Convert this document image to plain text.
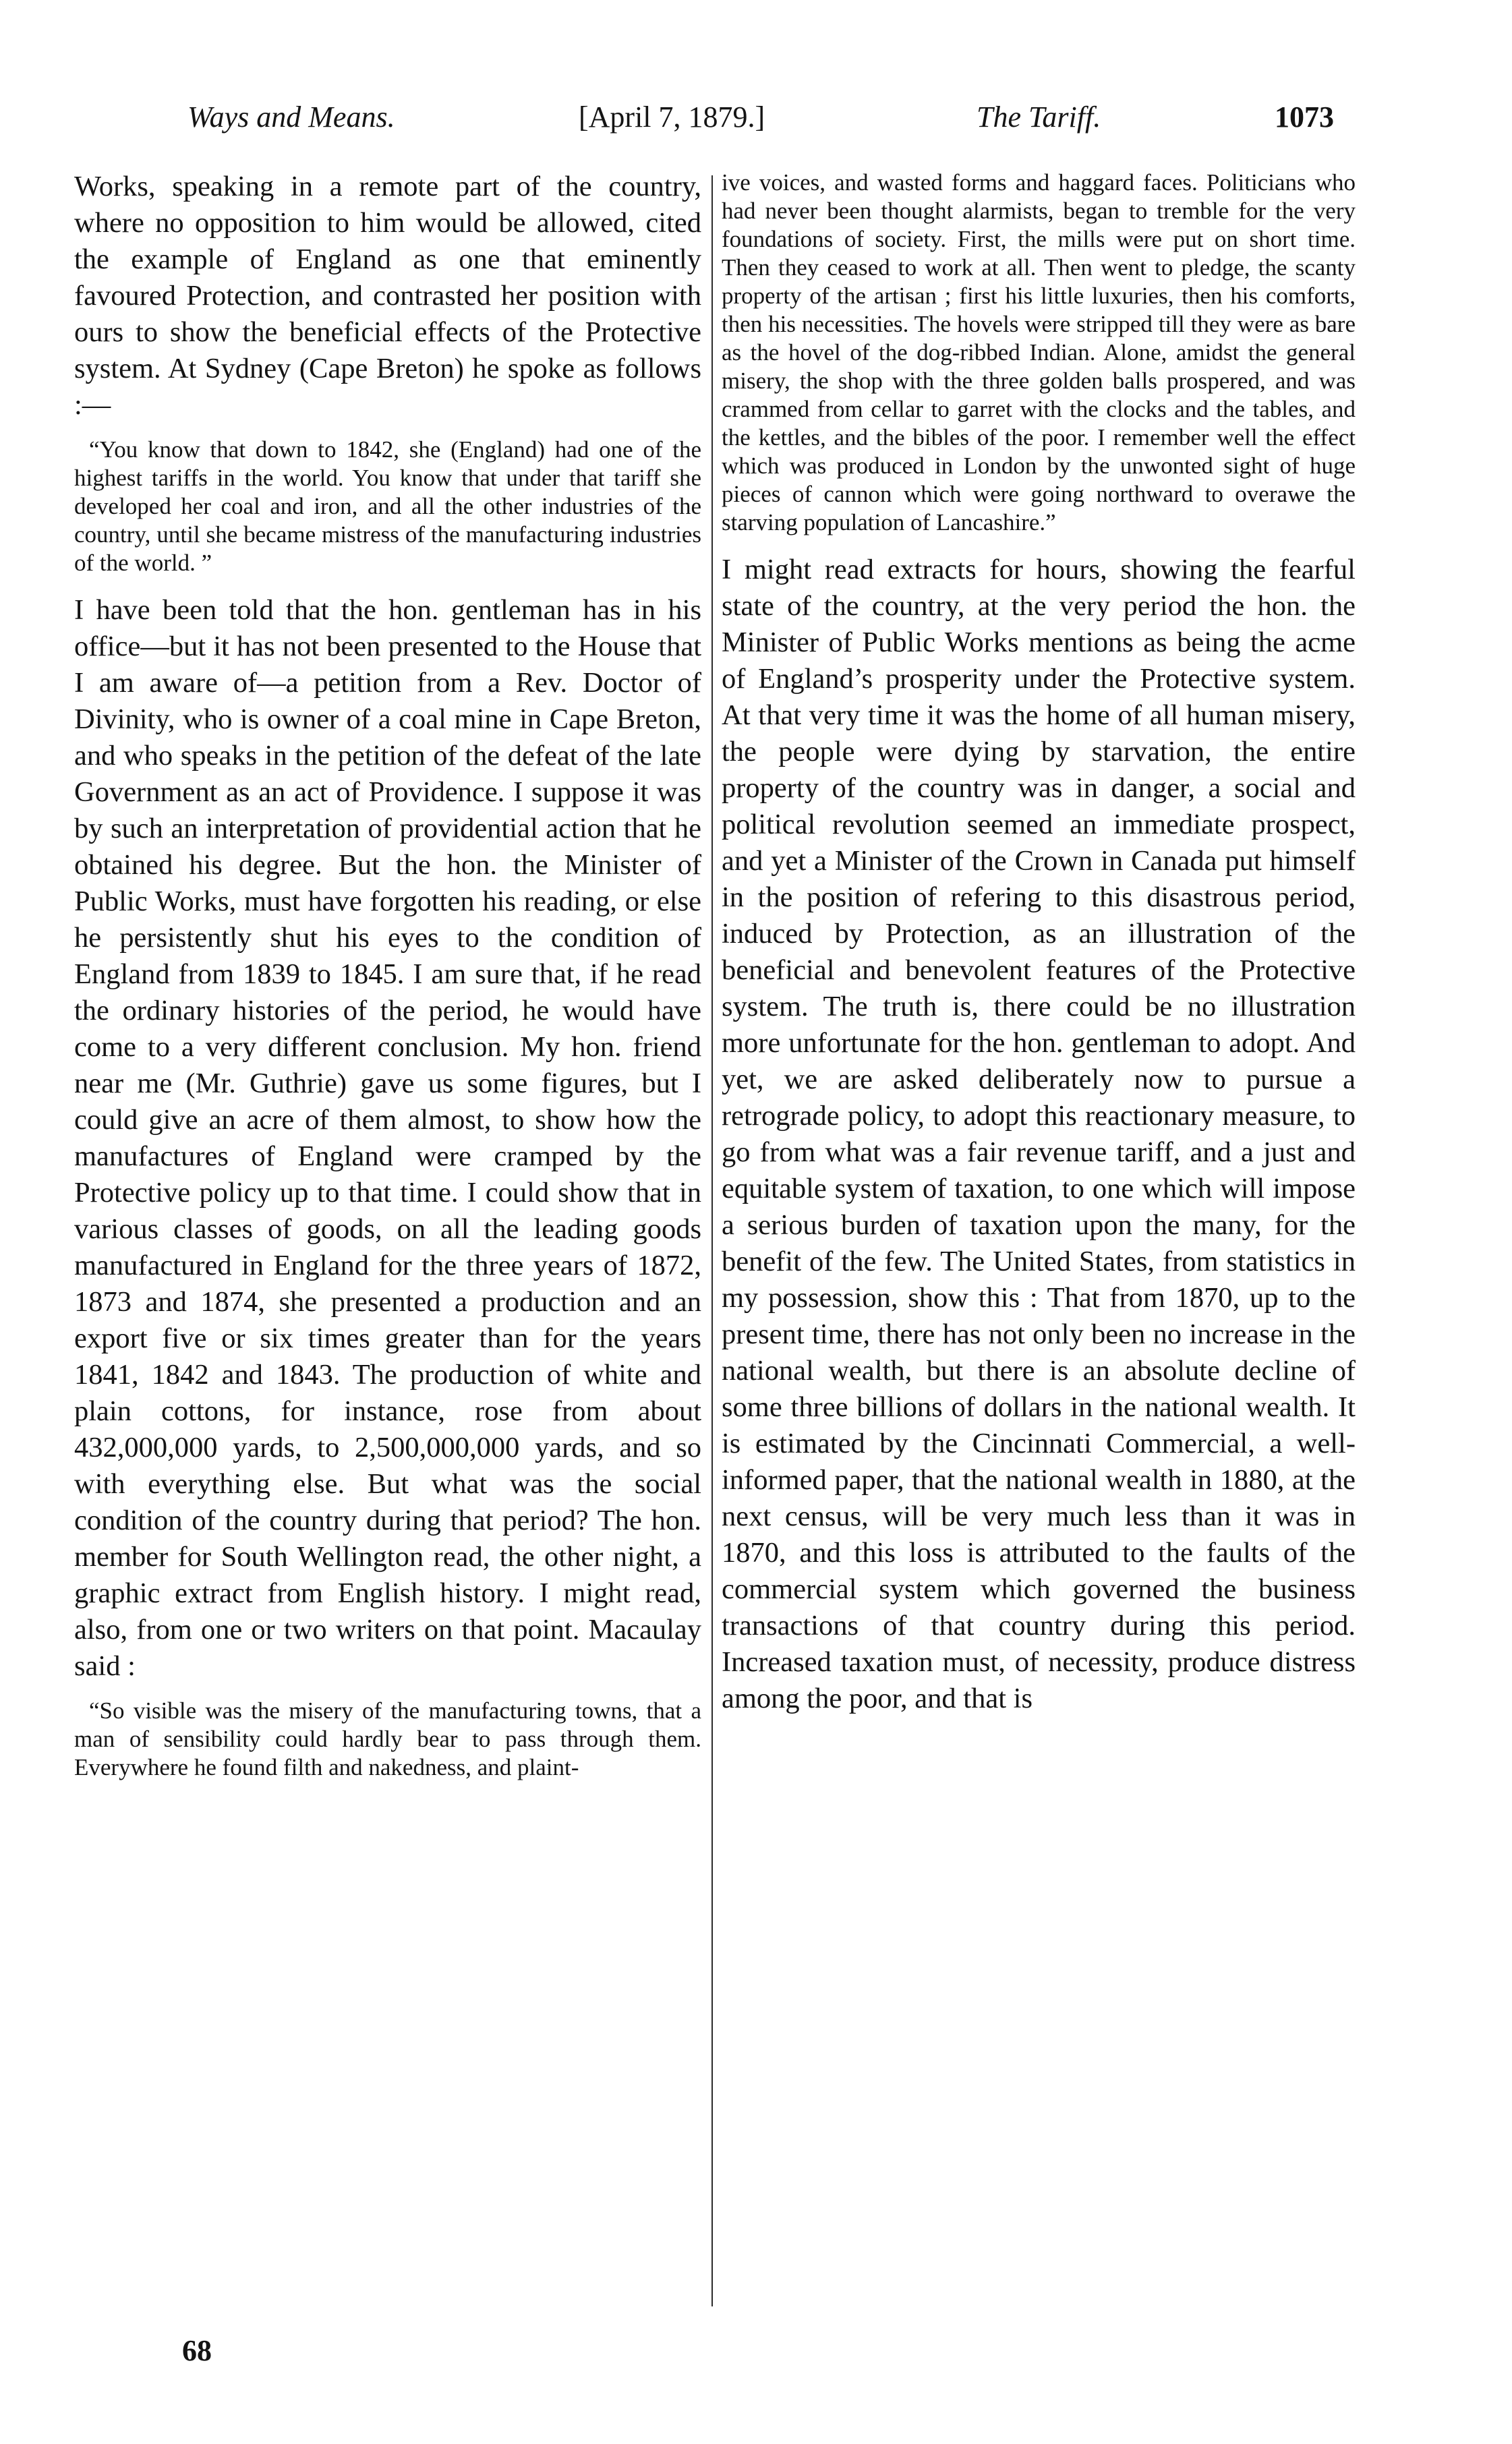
Ways and Means.	[April 7, 1879.]	The Tariff.	1073

Works, speaking in a remote part of the country, where no opposition to him would be allowed, cited the example of England as one that eminently favoured Protection, and contrasted her position with ours to show the beneficial effects of the Protective system. At Sydney (Cape Breton) he spoke as follows :—

“You know that down to 1842, she (England) had one of the highest tariffs in the world. You know that under that tariff she developed her coal and iron, and all the other industries of the country, until she became mistress of the manufacturing industries of the world. ”

I have been told that the hon. gentleman has in his office—but it has not been presented to the House that I am aware of—a petition from a Rev. Doctor of Divinity, who is owner of a coal mine in Cape Breton, and who speaks in the petition of the defeat of the late Government as an act of Providence. I suppose it was by such an interpretation of providential action that he obtained his degree. But the hon. the Minister of Public Works, must have forgotten his reading, or else he persistently shut his eyes to the condition of England from 1839 to 1845. I am sure that, if he read the ordinary histories of the period, he would have come to a very different conclusion. My hon. friend near me (Mr. Guthrie) gave us some figures, but I could give an acre of them almost, to show how the manufactures of England were cramped by the Protective policy up to that time. I could show that in various classes of goods, on all the leading goods manufactured in England for the three years of 1872, 1873 and 1874, she presented a production and an export five or six times greater than for the years 1841, 1842 and 1843. The production of white and plain cottons, for instance, rose from about 432,000,000 yards, to 2,500,000,000 yards, and so with everything else. But what was the social condition of the country during that period? The hon. member for South Wellington read, the other night, a graphic extract from English history. I might read, also, from one or two writers on that point. Macaulay said :

“So visible was the misery of the manufacturing towns, that a man of sensibility could hardly bear to pass through them. Everywhere he found filth and nakedness, and plaint-

ive voices, and wasted forms and haggard faces. Politicians who had never been thought alarmists, began to tremble for the very foundations of society. First, the mills were put on short time. Then they ceased to work at all. Then went to pledge, the scanty property of the artisan ; first his little luxuries, then his comforts, then his necessities. The hovels were stripped till they were as bare as the hovel of the dog-ribbed Indian. Alone, amidst the general misery, the shop with the three golden balls prospered, and was crammed from cellar to garret with the clocks and the tables, and the kettles, and the bibles of the poor. I remember well the effect which was produced in London by the unwonted sight of huge pieces of cannon which were going northward to overawe the starving population of Lancashire.”

I might read extracts for hours, showing the fearful state of the country, at the very period the hon. the Minister of Public Works mentions as being the acme of England’s prosperity under the Protective system. At that very time it was the home of all human misery, the people were dying by starvation, the entire property of the country was in danger, a social and political revolution seemed an immediate prospect, and yet a Minister of the Crown in Canada put himself in the position of refering to this disastrous period, induced by Protection, as an illustration of the beneficial and benevolent features of the Protective system. The truth is, there could be no illustration more unfortunate for the hon. gentleman to adopt. And yet, we are asked deliberately now to pursue a retrograde policy, to adopt this reactionary measure, to go from what was a fair revenue tariff, and a just and equitable system of taxation, to one which will impose a serious burden of taxation upon the many, for the benefit of the few. The United States, from statistics in my possession, show this : That from 1870, up to the present time, there has not only been no increase in the national wealth, but there is an absolute decline of some three billions of dollars in the national wealth. It is estimated by the Cincinnati Commercial, a well-informed paper, that the national wealth in 1880, at the next census, will be very much less than it was in 1870, and this loss is attributed to the faults of the commercial system which governed the business transactions of that country during this period. Increased taxation must, of necessity, produce distress among the poor, and that is

68
